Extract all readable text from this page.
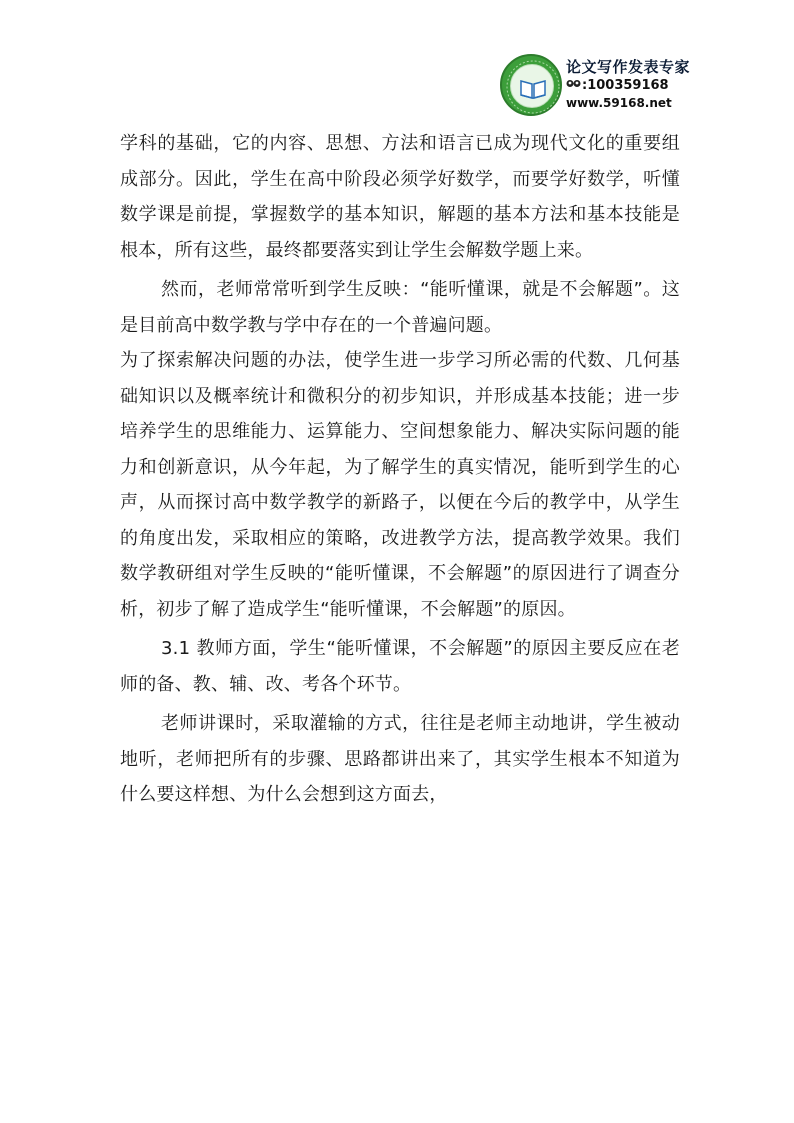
论文写作发表专家
:100359168
www.59168.net

学科的基础，它的内容、思想、方法和语言已成为现代文化的重要组成部分。因此，学生在高中阶段必须学好数学，而要学好数学，听懂数学课是前提，掌握数学的基本知识，解题的基本方法和基本技能是根本，所有这些，最终都要落实到让学生会解数学题上来。

然而，老师常常听到学生反映：“能听懂课，就是不会解题”。这是目前高中数学教与学中存在的一个普遍问题。

为了探索解决问题的办法，使学生进一步学习所必需的代数、几何基础知识以及概率统计和微积分的初步知识，并形成基本技能；进一步培养学生的思维能力、运算能力、空间想象能力、解决实际问题的能力和创新意识，从今年起，为了解学生的真实情况，能听到学生的心声，从而探讨高中数学教学的新路子，以便在今后的教学中，从学生的角度出发，采取相应的策略，改进教学方法，提高教学效果。我们数学教研组对学生反映的“能听懂课，不会解题”的原因进行了调查分析，初步了解了造成学生“能听懂课，不会解题”的原因。

3.1 教师方面，学生“能听懂课，不会解题”的原因主要反应在老师的备、教、辅、改、考各个环节。

老师讲课时，采取灌输的方式，往往是老师主动地讲，学生被动地听，老师把所有的步骤、思路都讲出来了，其实学生根本不知道为什么要这样想、为什么会想到这方面去，
